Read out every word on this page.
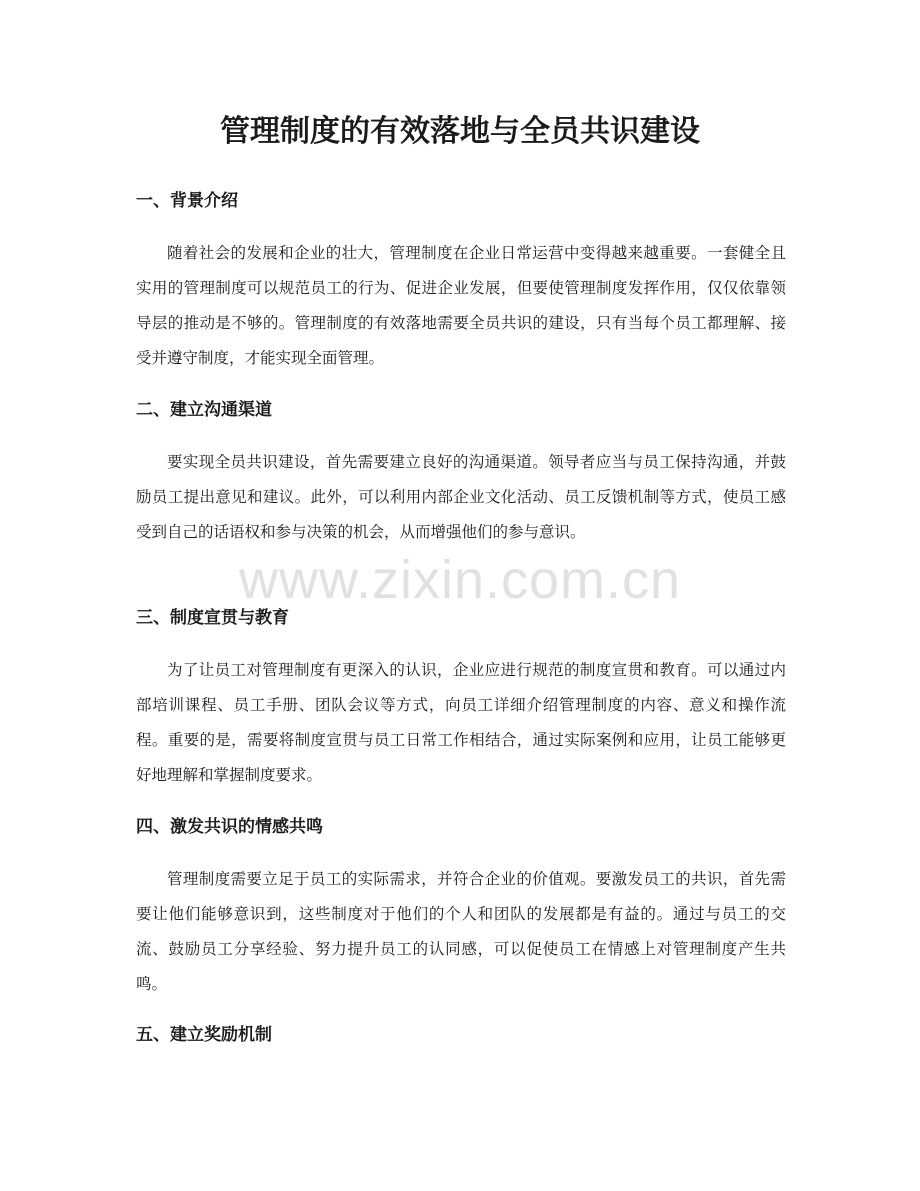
管理制度的有效落地与全员共识建设
一、背景介绍

随着社会的发展和企业的壮大，管理制度在企业日常运营中变得越来越重要。一套健全且实用的管理制度可以规范员工的行为、促进企业发展，但要使管理制度发挥作用，仅仅依靠领导层的推动是不够的。管理制度的有效落地需要全员共识的建设，只有当每个员工都理解、接受并遵守制度，才能实现全面管理。

二、建立沟通渠道

要实现全员共识建设，首先需要建立良好的沟通渠道。领导者应当与员工保持沟通，并鼓励员工提出意见和建议。此外，可以利用内部企业文化活动、员工反馈机制等方式，使员工感受到自己的话语权和参与决策的机会，从而增强他们的参与意识。

三、制度宣贯与教育

为了让员工对管理制度有更深入的认识，企业应进行规范的制度宣贯和教育。可以通过内部培训课程、员工手册、团队会议等方式，向员工详细介绍管理制度的内容、意义和操作流程。重要的是，需要将制度宣贯与员工日常工作相结合，通过实际案例和应用，让员工能够更好地理解和掌握制度要求。

四、激发共识的情感共鸣

管理制度需要立足于员工的实际需求，并符合企业的价值观。要激发员工的共识，首先需要让他们能够意识到，这些制度对于他们的个人和团队的发展都是有益的。通过与员工的交流、鼓励员工分享经验、努力提升员工的认同感，可以促使员工在情感上对管理制度产生共鸣。

五、建立奖励机制
www.zixin.com.cn
